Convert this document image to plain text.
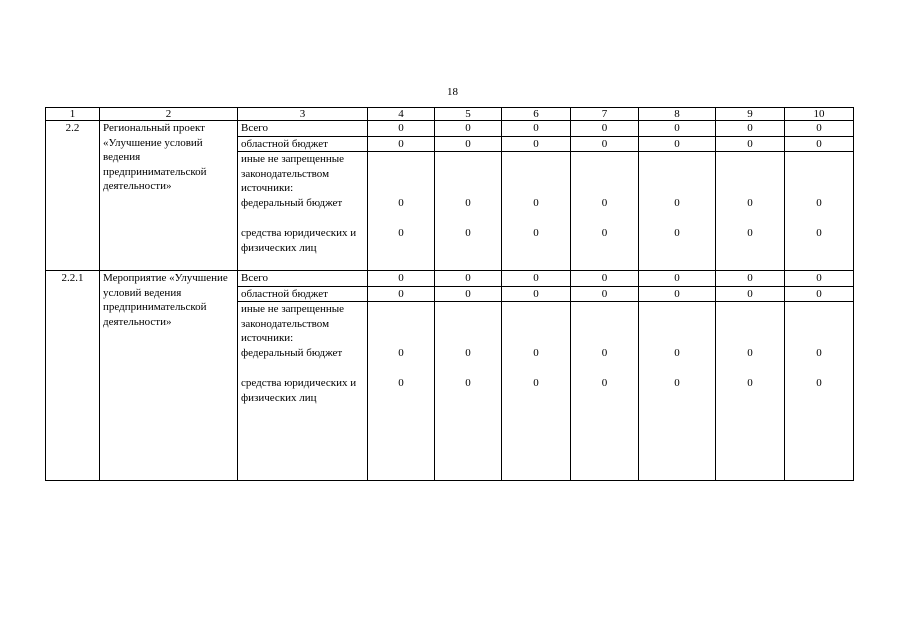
18
1	2	3	4	5	6	7	8	9	10
2.2	Региональный проект «Улучшение условий ведения предпринимательской деятельности»	Всего	0	0	0	0	0	0	0
		областной бюджет	0	0	0	0	0	0	0
		иные не запрещенные законодательством источники:							
		федеральный бюджет	0	0	0	0	0	0	0
		средства юридических и физических лиц	0	0	0	0	0	0	0
2.2.1	Мероприятие «Улучшение условий ведения предпринимательской деятельности»	Всего	0	0	0	0	0	0	0
		областной бюджет	0	0	0	0	0	0	0
		иные не запрещенные законодательством источники:							
		федеральный бюджет	0	0	0	0	0	0	0
		средства юридических и физических лиц	0	0	0	0	0	0	0
